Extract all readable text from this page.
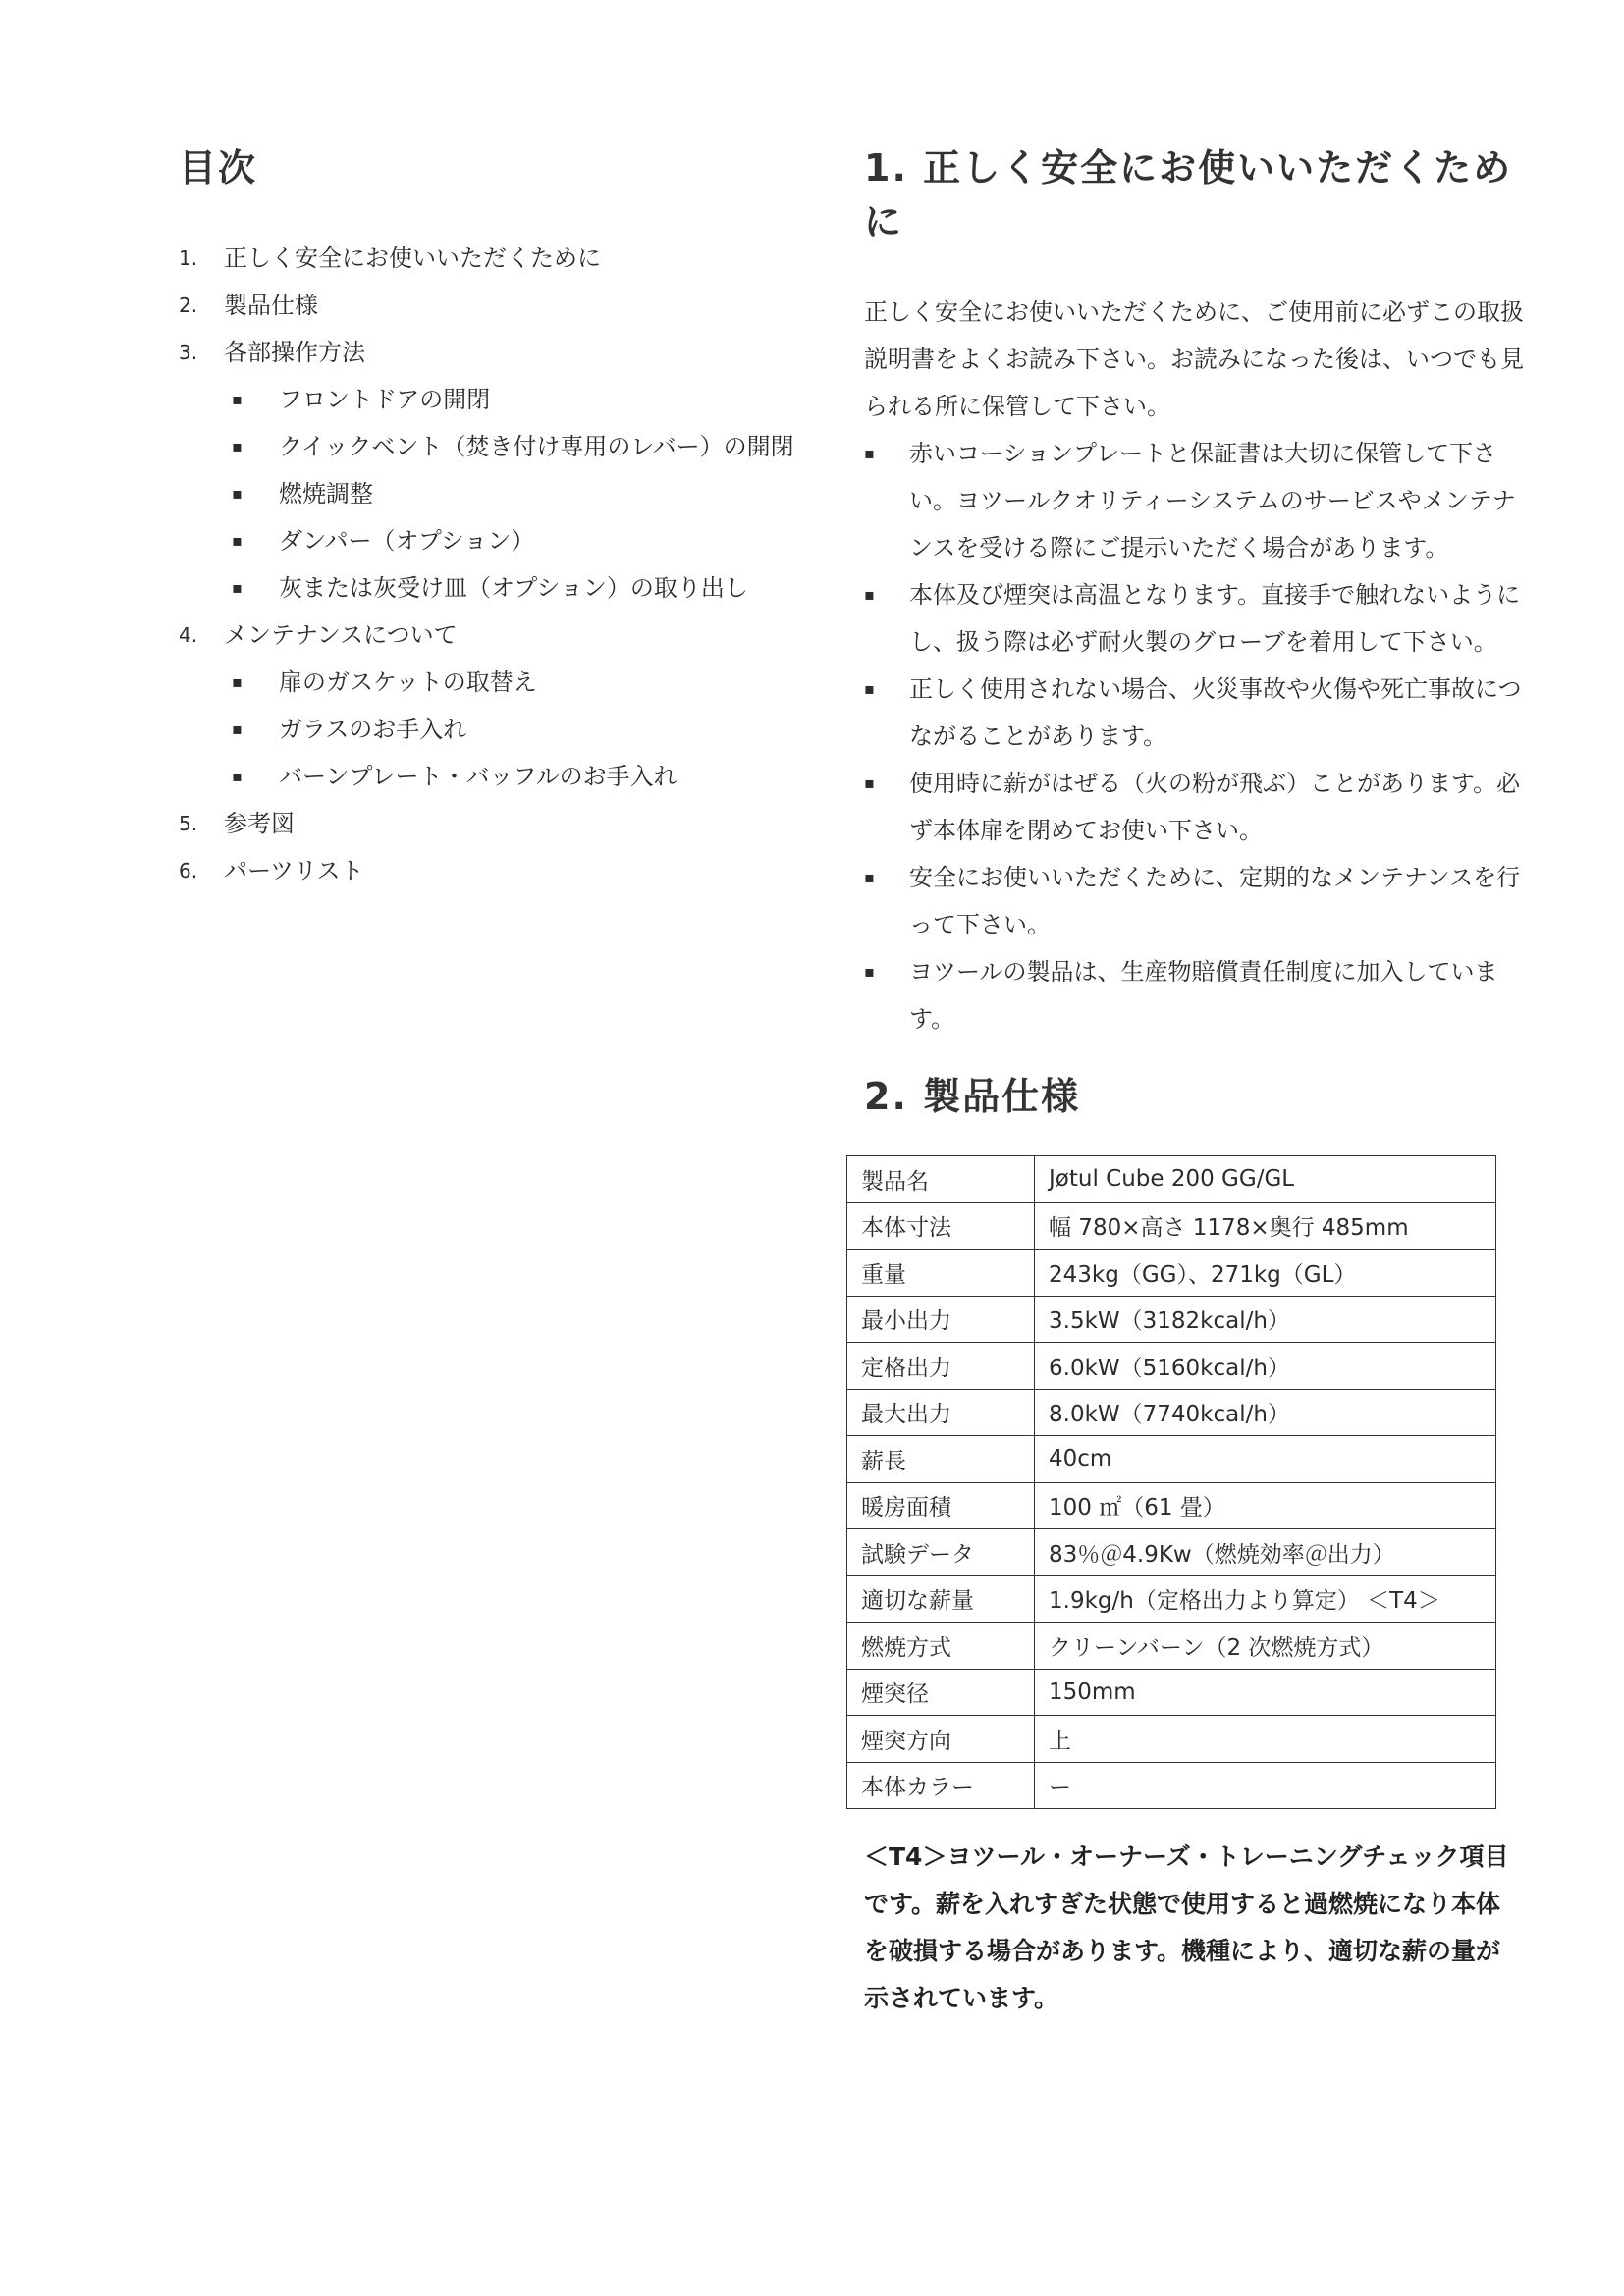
目次
1. 正しく安全にお使いいただくために
2. 製品仕様
3. 各部操作方法
▪ フロントドアの開閉
▪ クイックベント（焚き付け専用のレバー）の開閉
▪ 燃焼調整
▪ ダンパー（オプション）
▪ 灰または灰受け皿（オプション）の取り出し
4. メンテナンスについて
▪ 扉のガスケットの取替え
▪ ガラスのお手入れ
▪ バーンプレート・バッフルのお手入れ
5. 参考図
6. パーツリスト
1. 正しく安全にお使いいただくために

正しく安全にお使いいただくために、ご使用前に必ずこの取扱説明書をよくお読み下さい。お読みになった後は、いつでも見られる所に保管して下さい。

▪ 赤いコーションプレートと保証書は大切に保管して下さい。ヨツールクオリティーシステムのサービスやメンテナンスを受ける際にご提示いただく場合があります。
▪ 本体及び煙突は高温となります。直接手で触れないようにし、扱う際は必ず耐火製のグローブを着用して下さい。
▪ 正しく使用されない場合、火災事故や火傷や死亡事故につながることがあります。
▪ 使用時に薪がはぜる（火の粉が飛ぶ）ことがあります。必ず本体扉を閉めてお使い下さい。
▪ 安全にお使いいただくために、定期的なメンテナンスを行って下さい。
▪ ヨツールの製品は、生産物賠償責任制度に加入しています。
2. 製品仕様
製品名	Jøtul Cube 200 GG/GL
本体寸法	幅 780×高さ 1178×奥行 485mm
重量	243kg（GG）、271kg（GL）
最小出力	3.5kW（3182kcal/h）
定格出力	6.0kW（5160kcal/h）
最大出力	8.0kW（7740kcal/h）
薪長	40cm
暖房面積	100 ㎡（61 畳）
試験データ	83％＠4.9Kw（燃焼効率＠出力）
適切な薪量	1.9kg/h（定格出力より算定） ＜T4＞
燃焼方式	クリーンバーン（2 次燃焼方式）
煙突径	150mm
煙突方向	上
本体カラー	ー
＜T4＞ヨツール・オーナーズ・トレーニングチェック項目です。薪を入れすぎた状態で使用すると過燃焼になり本体を破損する場合があります。機種により、適切な薪の量が示されています。
